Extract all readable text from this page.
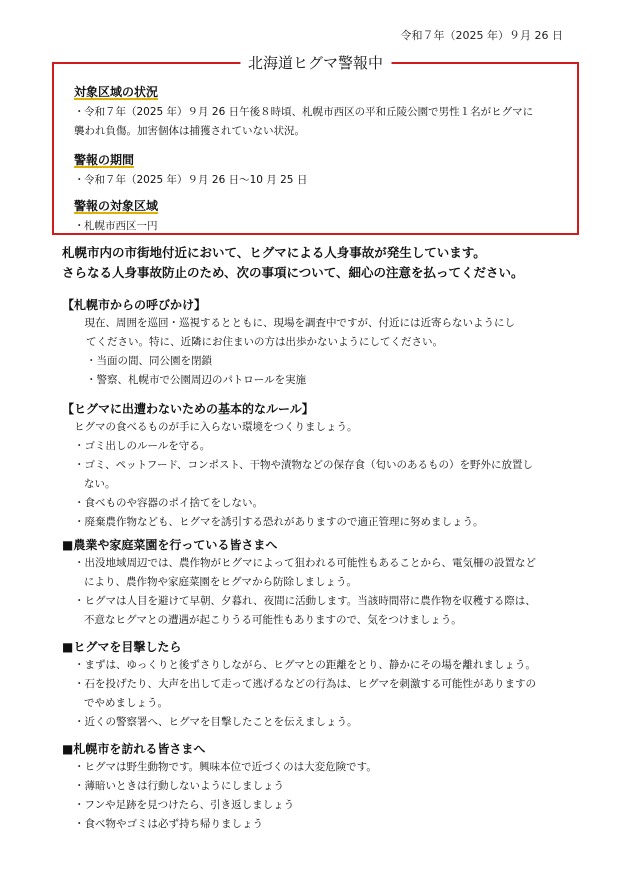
令和７年（2025 年）９月 26 日
北海道ヒグマ警報中
対象区域の状況
・令和７年（2025 年）９月 26 日午後８時頃、札幌市西区の平和丘陵公園で男性１名がヒグマに
襲われ負傷。加害個体は捕獲されていない状況。
警報の期間
・令和７年（2025 年）９月 26 日～10 月 25 日
警報の対象区域
・札幌市西区一円
札幌市内の市街地付近において、ヒグマによる人身事故が発生しています。
さらなる人身事故防止のため、次の事項について、細心の注意を払ってください。
【札幌市からの呼びかけ】
現在、周囲を巡回・巡視するとともに、現場を調査中ですが、付近には近寄らないようにし
てください。特に、近隣にお住まいの方は出歩かないようにしてください。
・当面の間、同公園を閉鎖
・警察、札幌市で公園周辺のパトロールを実施
【ヒグマに出遭わないための基本的なルール】
ヒグマの食べるものが手に入らない環境をつくりましょう。
・ゴミ出しのルールを守る。
・ゴミ、ペットフード、コンポスト、干物や漬物などの保存食（匂いのあるもの）を野外に放置し
ない。
・食べものや容器のポイ捨てをしない。
・廃棄農作物なども、ヒグマを誘引する恐れがありますので適正管理に努めましょう。
■農業や家庭菜園を行っている皆さまへ
・出没地域周辺では、農作物がヒグマによって狙われる可能性もあることから、電気柵の設置など
により、農作物や家庭菜園をヒグマから防除しましょう。
・ヒグマは人目を避けて早朝、夕暮れ、夜間に活動します。当該時間帯に農作物を収穫する際は、
不意なヒグマとの遭遇が起こりうる可能性もありますので、気をつけましょう。
■ヒグマを目撃したら
・まずは、ゆっくりと後ずさりしながら、ヒグマとの距離をとり、静かにその場を離れましょう。
・石を投げたり、大声を出して走って逃げるなどの行為は、ヒグマを刺激する可能性がありますの
でやめましょう。
・近くの警察署へ、ヒグマを目撃したことを伝えましょう。
■札幌市を訪れる皆さまへ
・ヒグマは野生動物です。興味本位で近づくのは大変危険です。
・薄暗いときは行動しないようにしましょう
・フンや足跡を見つけたら、引き返しましょう
・食べ物やゴミは必ず持ち帰りましょう
